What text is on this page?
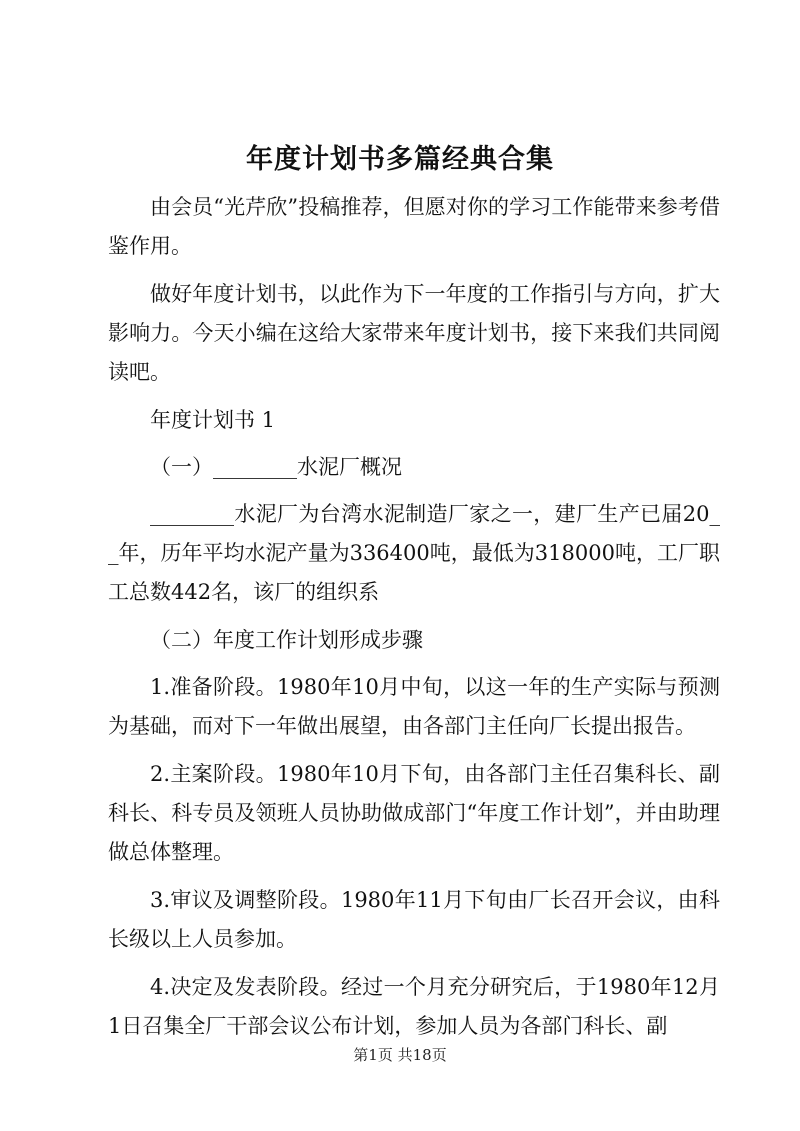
年度计划书多篇经典合集

由会员“光芹欣”投稿推荐，但愿对你的学习工作能带来参考借鉴作用。

做好年度计划书，以此作为下一年度的工作指引与方向，扩大影响力。今天小编在这给大家带来年度计划书，接下来我们共同阅读吧。

年度计划书 1

（一）________水泥厂概况

________水泥厂为台湾水泥制造厂家之一，建厂生产已届20__年，历年平均水泥产量为336400吨，最低为318000吨，工厂职工总数442名，该厂的组织系

（二）年度工作计划形成步骤

1.准备阶段。1980年10月中旬，以这一年的生产实际与预测为基础，而对下一年做出展望，由各部门主任向厂长提出报告。

2.主案阶段。1980年10月下旬，由各部门主任召集科长、副科长、科专员及领班人员协助做成部门“年度工作计划”，并由助理做总体整理。

3.审议及调整阶段。1980年11月下旬由厂长召开会议，由科长级以上人员参加。

4.决定及发表阶段。经过一个月充分研究后，于1980年12月1日召集全厂干部会议公布计划，参加人员为各部门科长、副

第1页 共18页
